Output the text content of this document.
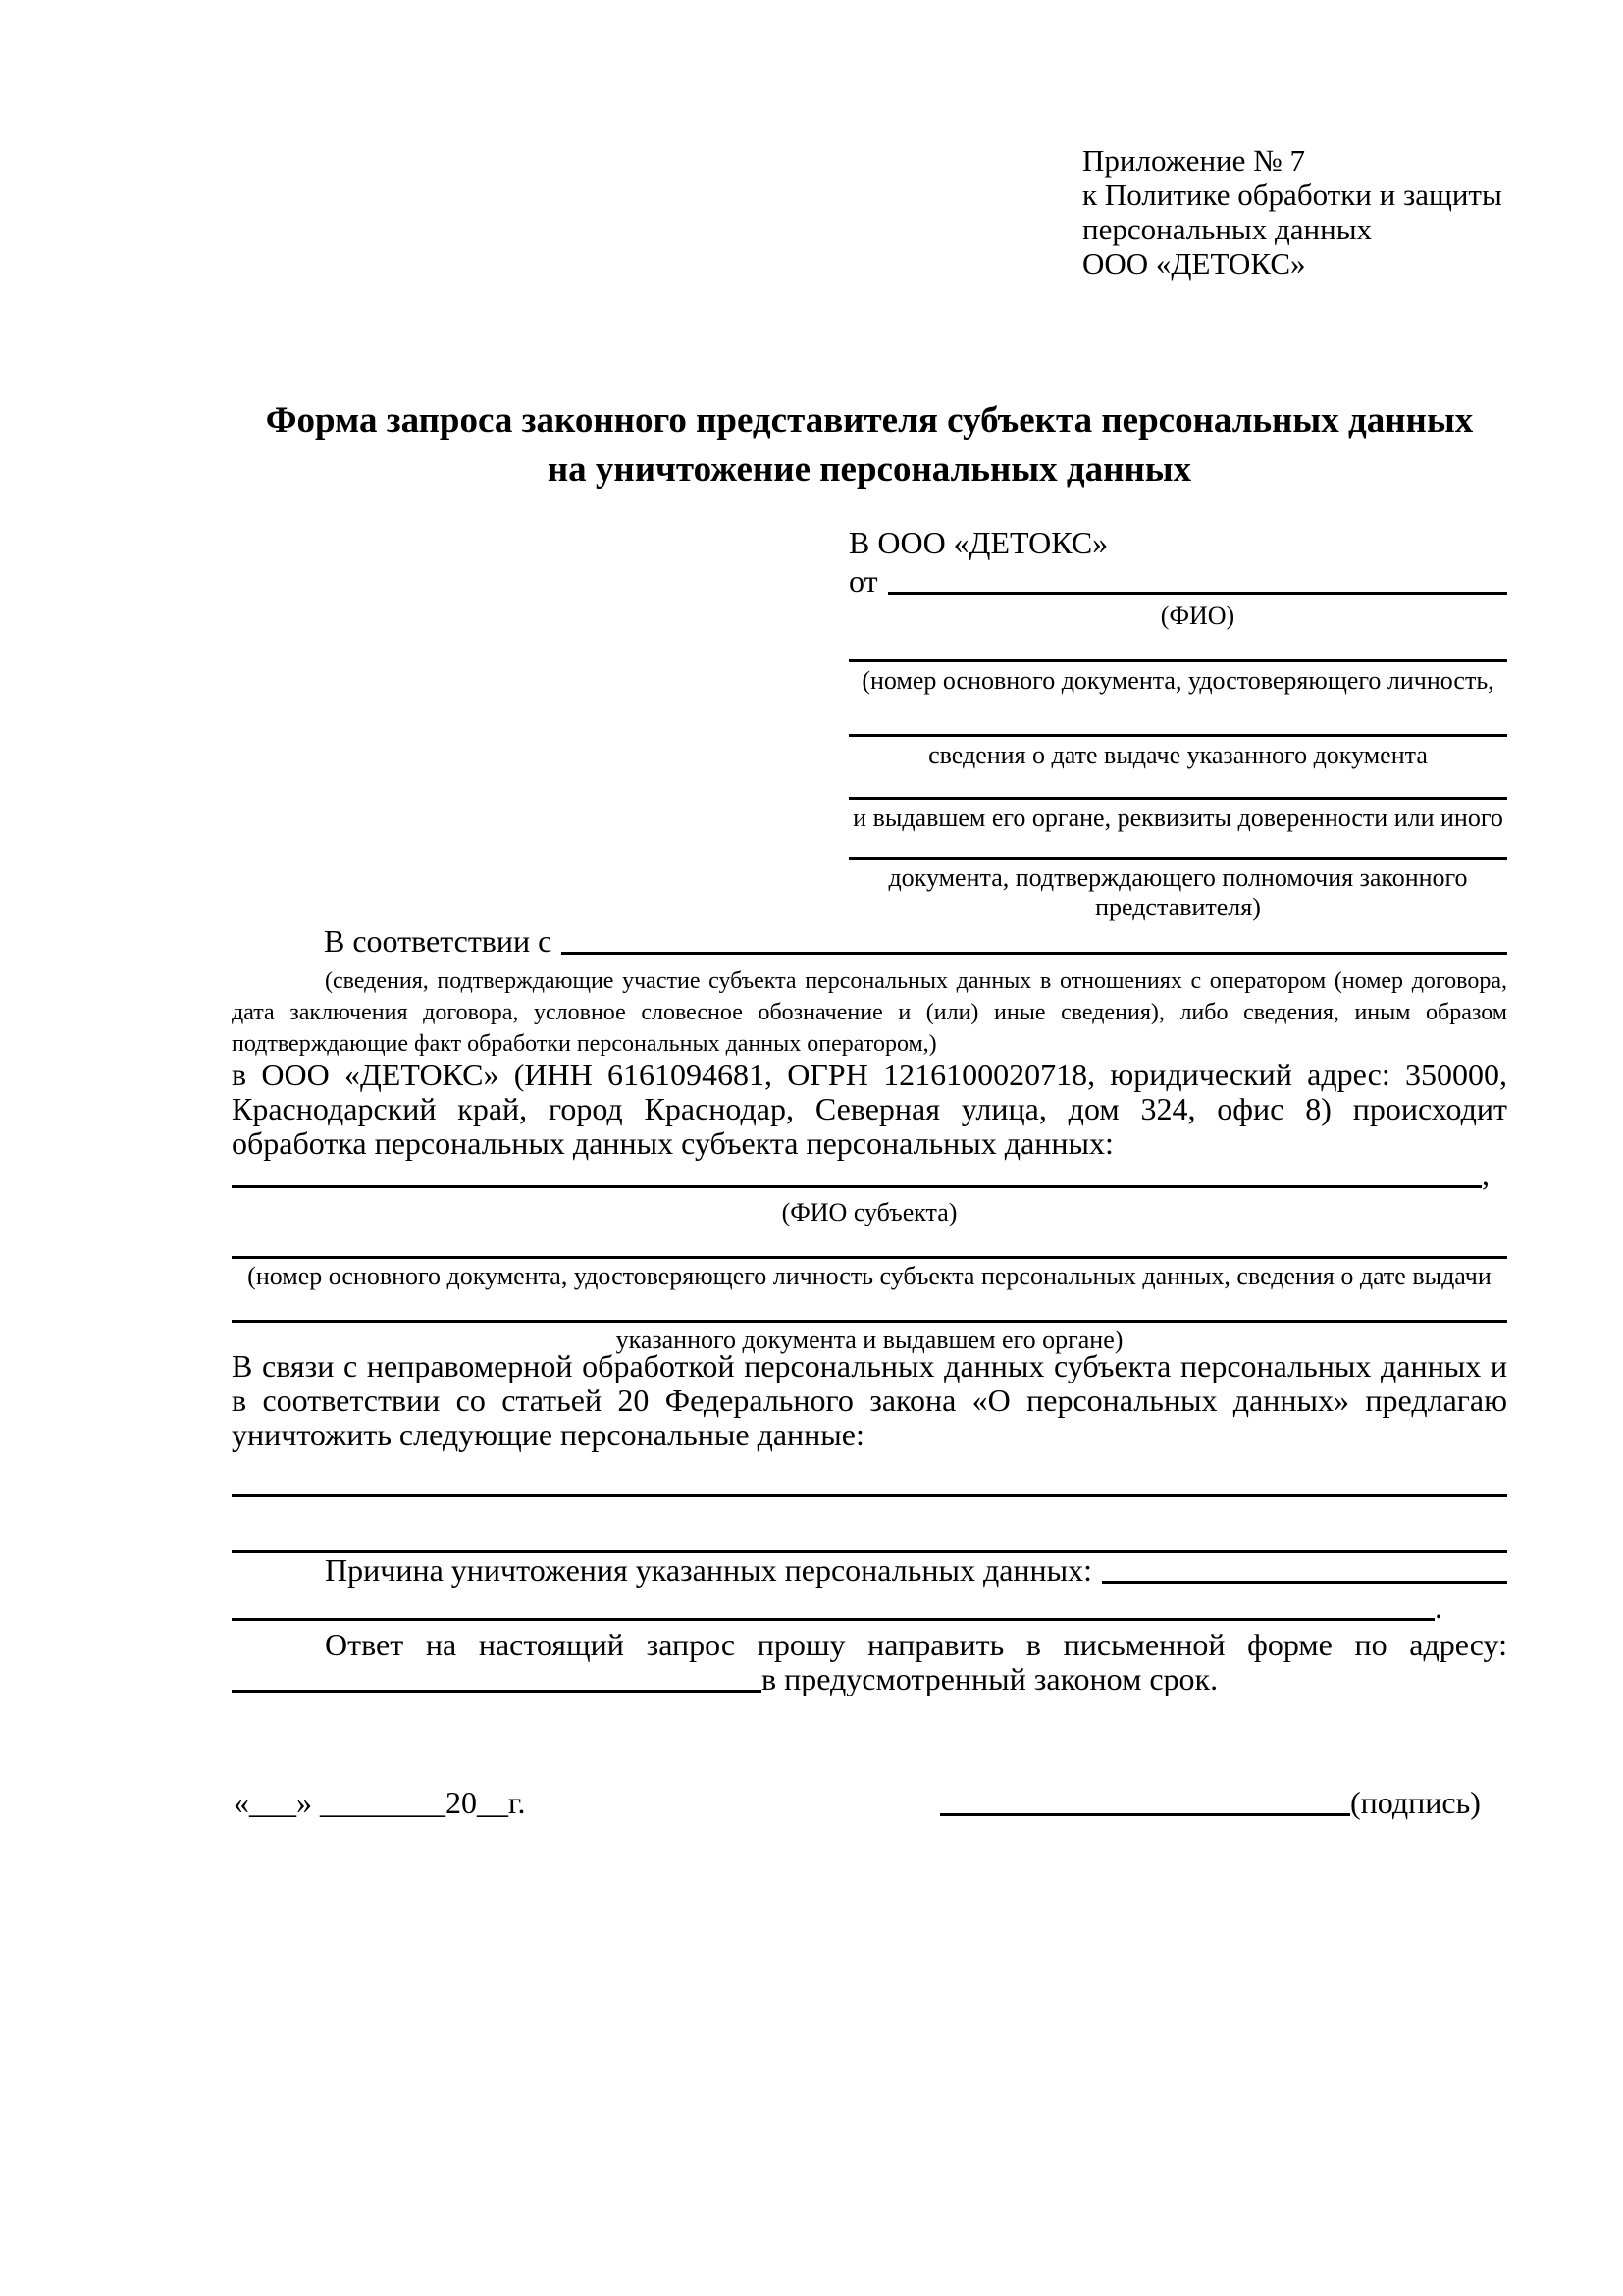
Приложение № 7
к Политике обработки и защиты
персональных данных
ООО «ДЕТОКС»
Форма запроса законного представителя субъекта персональных данных
на уничтожение персональных данных
В ООО «ДЕТОКС»
от
(ФИО)
(номер основного документа, удостоверяющего личность,
сведения о дате выдаче указанного документа
и выдавшем его органе, реквизиты доверенности или иного
документа, подтверждающего полномочия законного представителя)
В соответствии с
(сведения, подтверждающие участие субъекта персональных данных в отношениях с оператором (номер договора, дата заключения договора, условное словесное обозначение и (или) иные сведения), либо сведения, иным образом подтверждающие факт обработки персональных данных оператором,)
в ООО «ДЕТОКС» (ИНН 6161094681, ОГРН 1216100020718, юридический адрес: 350000, Краснодарский край, город Краснодар, Северная улица, дом 324, офис 8) происходит обработка персональных данных субъекта персональных данных:
,
(ФИО субъекта)
(номер основного документа, удостоверяющего личность субъекта персональных данных, сведения о дате выдачи
указанного документа и выдавшем его органе)
В связи с неправомерной обработкой персональных данных субъекта персональных данных и в соответствии со статьей 20 Федерального закона «О персональных данных» предлагаю уничтожить следующие персональные данные:
Причина уничтожения указанных персональных данных:
.
Ответ на настоящий запрос прошу направить в письменной форме по адресу:
в предусмотренный законом срок.
«___» ________20__г.	(подпись)
